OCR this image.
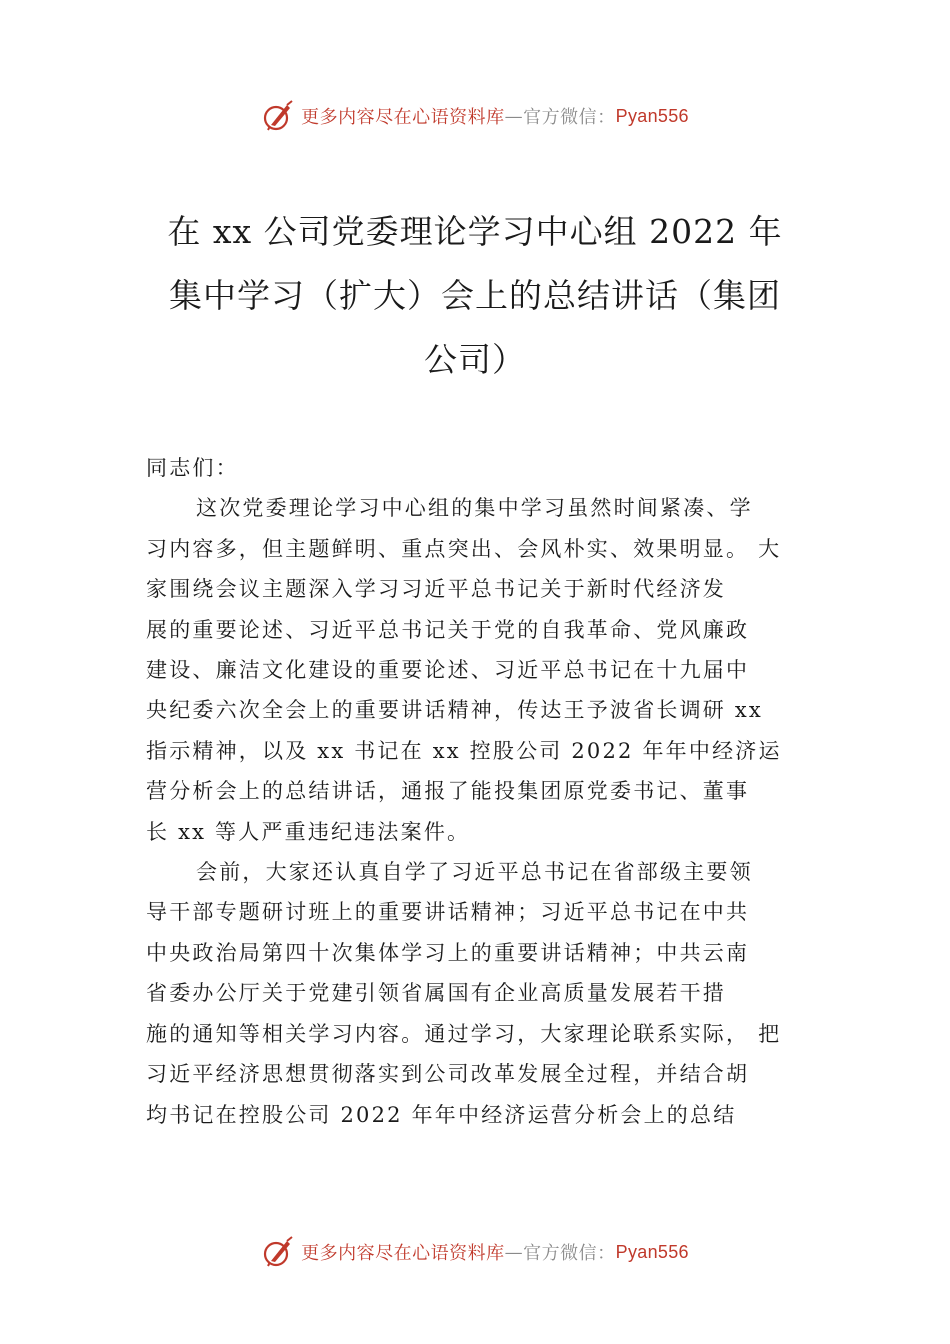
更多内容尽在心语资料库 — 官方微信： Pyan556
在 xx 公司党委理论学习中心组 2022 年
集中学习（扩大）会上的总结讲话（集团
公司）

同志们：

这次党委理论学习中心组的集中学习虽然时间紧凑、学

习内容多，但主题鲜明、重点突出、会风朴实、效果明显。 大

家围绕会议主题深入学习习近平总书记关于新时代经济发

展的重要论述、习近平总书记关于党的自我革命、党风廉政

建设、廉洁文化建设的重要论述、习近平总书记在十九届中

央纪委六次全会上的重要讲话精神，传达王予波省长调研 xx

指示精神，以及 xx 书记在 xx 控股公司 2022 年年中经济运

营分析会上的总结讲话，通报了能投集团原党委书记、董事

长 xx 等人严重违纪违法案件。

会前，大家还认真自学了习近平总书记在省部级主要领

导干部专题研讨班上的重要讲话精神；习近平总书记在中共

中央政治局第四十次集体学习上的重要讲话精神；中共云南

省委办公厅关于党建引领省属国有企业高质量发展若干措

施的通知等相关学习内容。通过学习，大家理论联系实际， 把

习近平经济思想贯彻落实到公司改革发展全过程，并结合胡

均书记在控股公司 2022 年年中经济运营分析会上的总结

更多内容尽在心语资料库 — 官方微信： Pyan556
